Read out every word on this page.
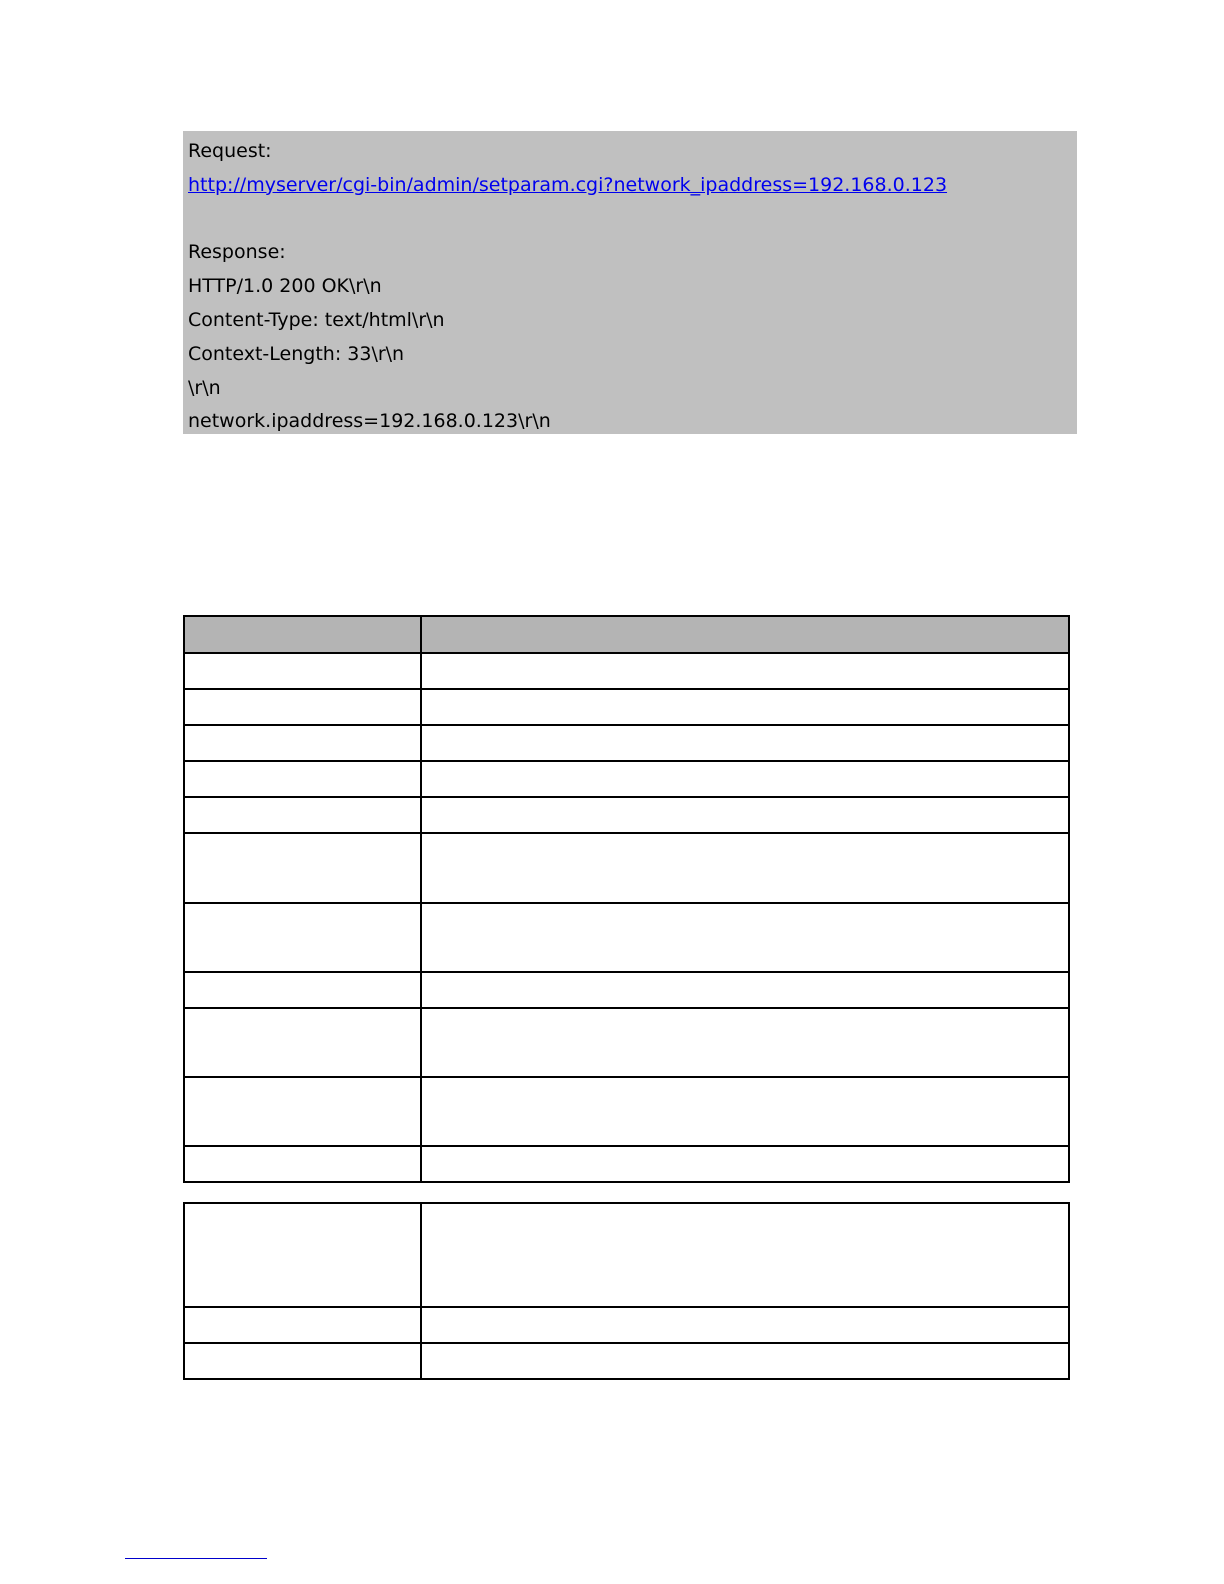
Request:
http://myserver/cgi-bin/admin/setparam.cgi?network_ipaddress=192.168.0.123
Response:
HTTP/1.0 200 OK\r\n
Content-Type: text/html\r\n
Context-Length: 33\r\n
\r\n
network.ipaddress=192.168.0.123\r\n
